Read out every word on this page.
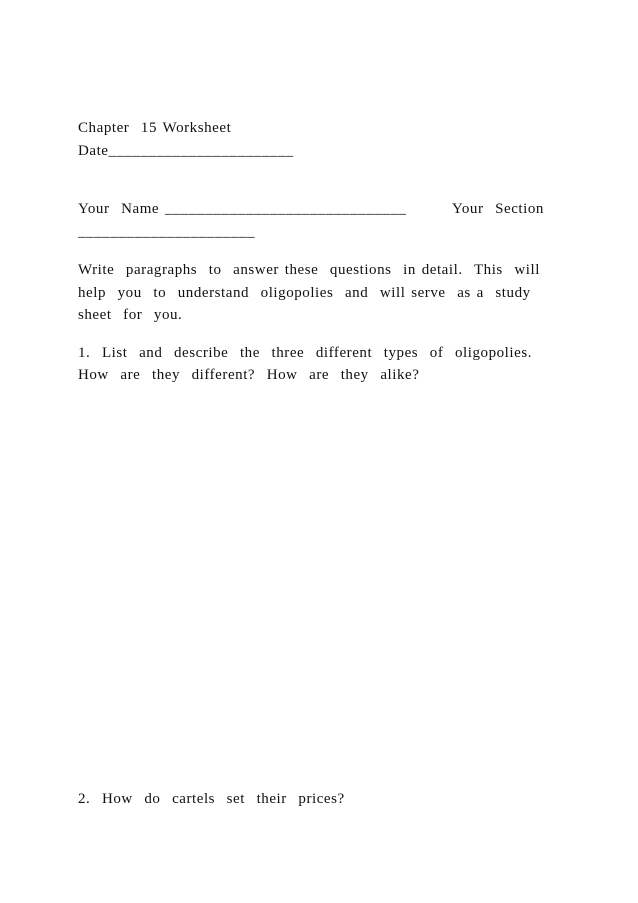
Chapter  15 Worksheet
Date_______________________
Your  Name ______________________________	Your  Section
______________________
Write  paragraphs  to  answer these  questions  in detail.  This  will
help  you  to  understand  oligopolies  and  will serve  as a  study
sheet  for  you.
1.  List  and  describe  the  three  different  types  of  oligopolies.
How  are  they  different?  How  are  they  alike?
2.  How  do  cartels  set  their  prices?
